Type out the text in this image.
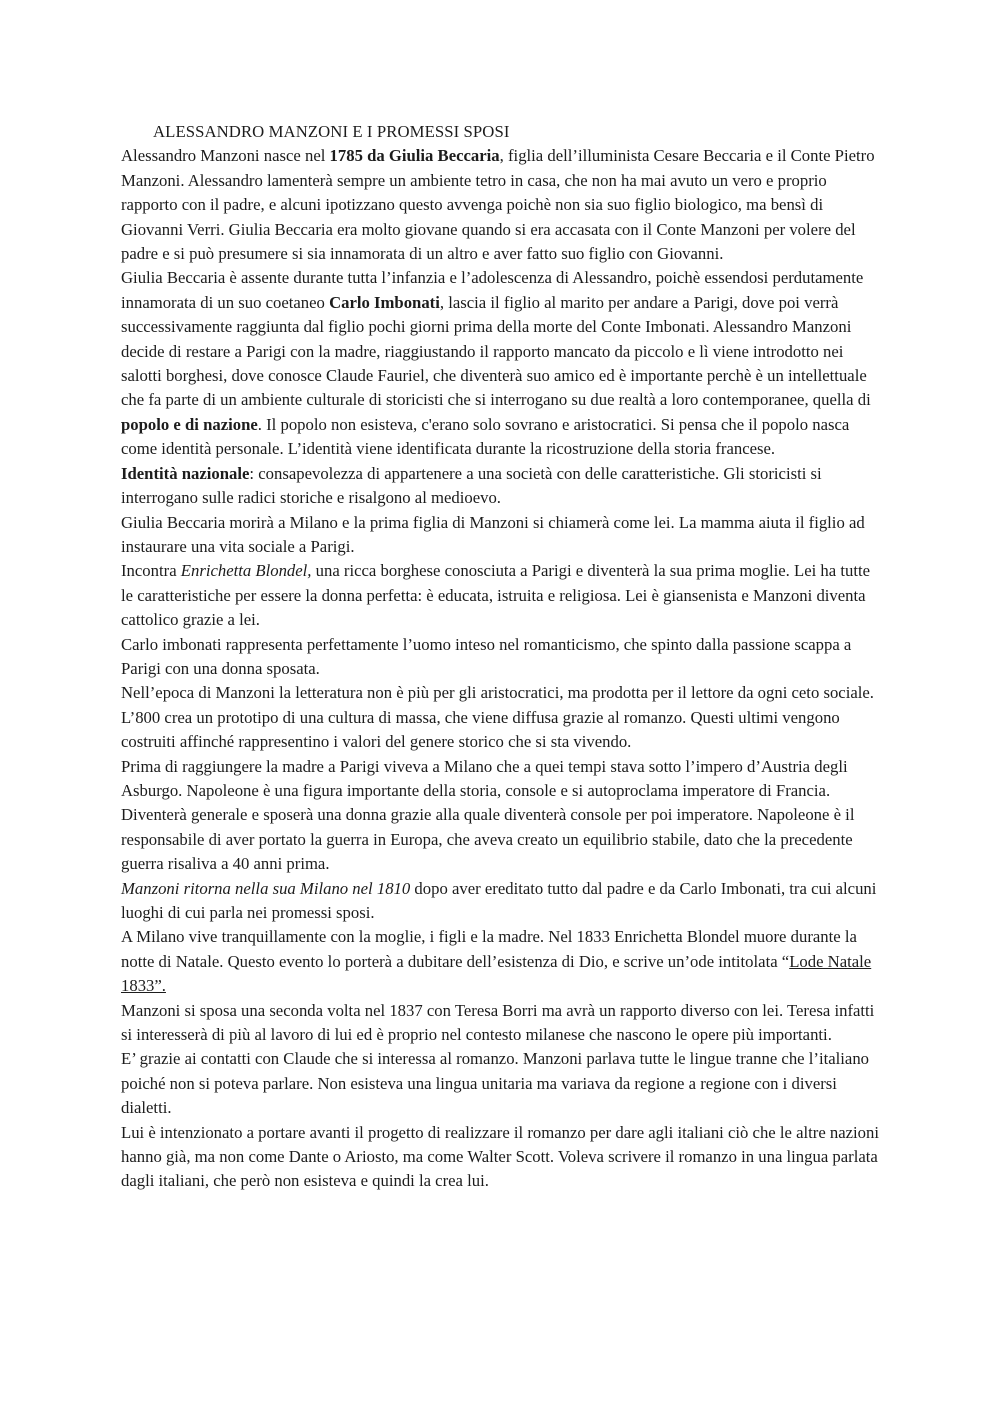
ALESSANDRO MANZONI E I PROMESSI SPOSI

Alessandro Manzoni nasce nel 1785 da Giulia Beccaria, figlia dell’illuminista Cesare Beccaria e il Conte Pietro Manzoni. Alessandro lamenterà sempre un ambiente tetro in casa, che non ha mai avuto un vero e proprio rapporto con il padre, e alcuni ipotizzano questo avvenga poichè non sia suo figlio biologico, ma bensì di Giovanni Verri. Giulia Beccaria era molto giovane quando si era accasata con il Conte Manzoni per volere del padre e si può presumere si sia innamorata di un altro e aver fatto suo figlio con Giovanni.

Giulia Beccaria è assente durante tutta l’infanzia e l’adolescenza di Alessandro, poichè essendosi perdutamente innamorata di un suo coetaneo Carlo Imbonati, lascia il figlio al marito per andare a Parigi, dove poi verrà successivamente raggiunta dal figlio pochi giorni prima della morte del Conte Imbonati. Alessandro Manzoni decide di restare a Parigi con la madre, riaggiustando il rapporto mancato da piccolo e lì viene introdotto nei salotti borghesi, dove conosce Claude Fauriel, che diventerà suo amico ed è importante perchè è un intellettuale che fa parte di un ambiente culturale di storicisti che si interrogano su due realtà a loro contemporanee, quella di popolo e di nazione. Il popolo non esisteva, c'erano solo sovrano e aristocratici. Si pensa che il popolo nasca come identità personale. L’identità viene identificata durante la ricostruzione della storia francese.

Identità nazionale: consapevolezza di appartenere a una società con delle caratteristiche. Gli storicisti si interrogano sulle radici storiche e risalgono al medioevo.

Giulia Beccaria morirà a Milano e la prima figlia di Manzoni si chiamerà come lei. La mamma aiuta il figlio ad instaurare una vita sociale a Parigi.

Incontra Enrichetta Blondel, una ricca borghese conosciuta a Parigi e diventerà la sua prima moglie. Lei ha tutte le caratteristiche per essere la donna perfetta: è educata, istruita e religiosa. Lei è giansenista e Manzoni diventa cattolico grazie a lei.

Carlo imbonati rappresenta perfettamente l’uomo inteso nel romanticismo, che spinto dalla passione scappa a Parigi con una donna sposata.

Nell’epoca di Manzoni la letteratura non è più per gli aristocratici, ma prodotta per il lettore da ogni ceto sociale. L’800 crea un prototipo di una cultura di massa, che viene diffusa grazie al romanzo. Questi ultimi vengono costruiti affinché rappresentino i valori del genere storico che si sta vivendo.

Prima di raggiungere la madre a Parigi viveva a Milano che a quei tempi stava sotto l’impero d’Austria degli Asburgo. Napoleone è una figura importante della storia, console e si autoproclama imperatore di Francia. Diventerà generale e sposerà una donna grazie alla quale diventerà console per poi imperatore. Napoleone è il responsabile di aver portato la guerra in Europa, che aveva creato un equilibrio stabile, dato che la precedente guerra risaliva a 40 anni prima.

Manzoni ritorna nella sua Milano nel 1810 dopo aver ereditato tutto dal padre e da Carlo Imbonati, tra cui alcuni luoghi di cui parla nei promessi sposi.

A Milano vive tranquillamente con la moglie, i figli e la madre. Nel 1833 Enrichetta Blondel muore durante la notte di Natale. Questo evento lo porterà a dubitare dell’esistenza di Dio, e scrive un’ode intitolata “Lode Natale 1833”.

Manzoni si sposa una seconda volta nel 1837 con Teresa Borri ma avrà un rapporto diverso con lei. Teresa infatti si interesserà di più al lavoro di lui ed è proprio nel contesto milanese che nascono le opere più importanti.

E’ grazie ai contatti con Claude che si interessa al romanzo. Manzoni parlava tutte le lingue tranne che l’italiano poiché non si poteva parlare. Non esisteva una lingua unitaria ma variava da regione a regione con i diversi dialetti.

Lui è intenzionato a portare avanti il progetto di realizzare il romanzo per dare agli italiani ciò che le altre nazioni hanno già, ma non come Dante o Ariosto, ma come Walter Scott. Voleva scrivere il romanzo in una lingua parlata dagli italiani, che però non esisteva e quindi la crea lui.
